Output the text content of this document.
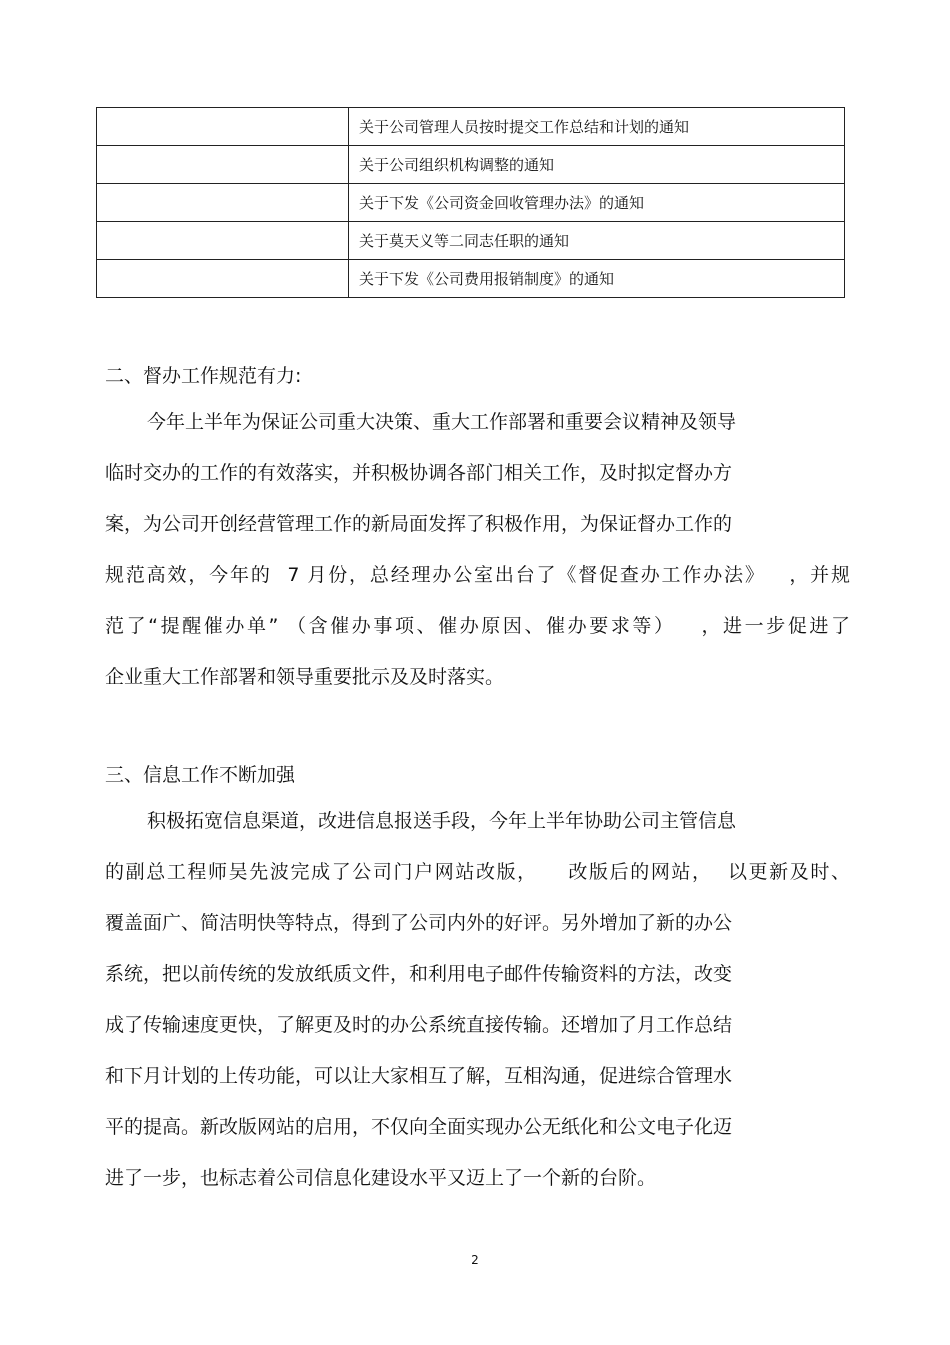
	关于公司管理人员按时提交工作总结和计划的通知
	关于公司组织机构调整的通知
	关于下发《公司资金回收管理办法》的通知
	关于莫天义等二同志任职的通知
	关于下发《公司费用报销制度》的通知
二、督办工作规范有力:
今年上半年为保证公司重大决策、重大工作部署和重要会议精神及领导
临时交办的工作的有效落实，并积极协调各部门相关工作，及时拟定督办方
案，为公司开创经营管理工作的新局面发挥了积极作用，为保证督办工作的
规范高效，今年的  7 月份，总经理办公室出台了《督促查办工作办法》   ，并规
范了“提醒催办单” （含催办事项、催办原因、催办要求等）   ，进一步促进了
企业重大工作部署和领导重要批示及及时落实。
三、信息工作不断加强
积极拓宽信息渠道，改进信息报送手段，今年上半年协助公司主管信息
的副总工程师吴先波完成了公司门户网站改版，    改版后的网站，  以更新及时、
覆盖面广、简洁明快等特点，得到了公司内外的好评。另外增加了新的办公
系统，把以前传统的发放纸质文件，和利用电子邮件传输资料的方法，改变
成了传输速度更快，了解更及时的办公系统直接传输。还增加了月工作总结
和下月计划的上传功能，可以让大家相互了解，互相沟通，促进综合管理水
平的提高。新改版网站的启用，不仅向全面实现办公无纸化和公文电子化迈
进了一步，也标志着公司信息化建设水平又迈上了一个新的台阶。
2
